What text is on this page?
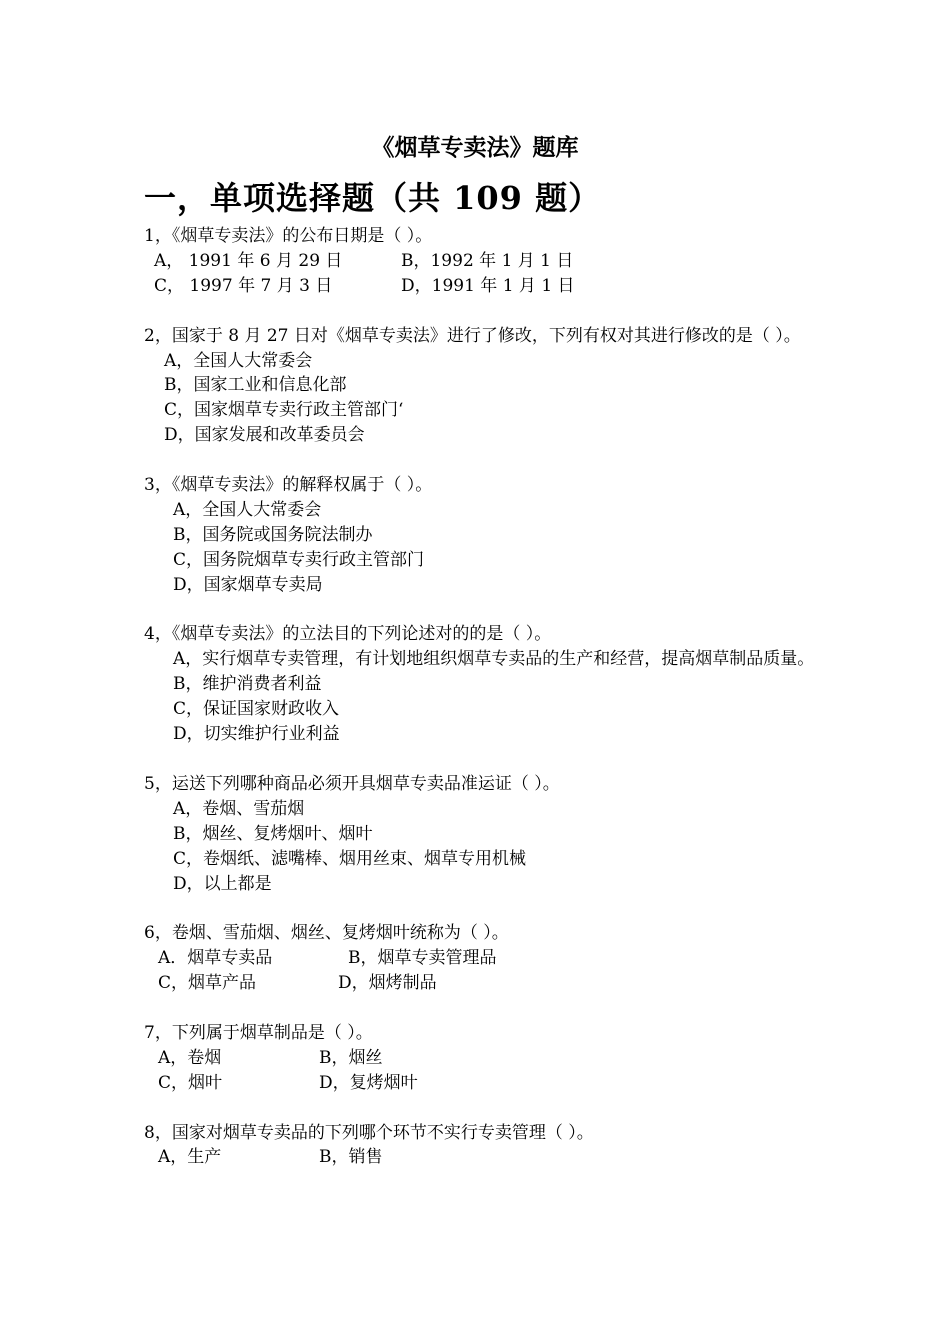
《烟草专卖法》题库
一，单项选择题（共 109 题）

1，《烟草专卖法》的公布日期是（ ）。

A， 1991 年 6 月 29 日	B，1992 年 1 月 1 日
C， 1997 年 7 月 3 日	D，1991 年 1 月 1 日

2，国家于 8 月 27 日对《烟草专卖法》进行了修改，下列有权对其进行修改的是（ ）。

A，全国人大常委会

B，国家工业和信息化部

C，国家烟草专卖行政主管部门‘

D，国家发展和改革委员会

3，《烟草专卖法》的解释权属于（ ）。

A，全国人大常委会

B，国务院或国务院法制办

C，国务院烟草专卖行政主管部门

D，国家烟草专卖局

4，《烟草专卖法》的立法目的下列论述对的的是（ ）。

A，实行烟草专卖管理，有计划地组织烟草专卖品的生产和经营，提高烟草制品质量。

B，维护消费者利益

C，保证国家财政收入

D，切实维护行业利益

5，运送下列哪种商品必须开具烟草专卖品准运证（ ）。

A，卷烟、雪茄烟

B，烟丝、复烤烟叶、烟叶

C，卷烟纸、滤嘴棒、烟用丝束、烟草专用机械

D，以上都是

6，卷烟、雪茄烟、烟丝、复烤烟叶统称为（ ）。

A．烟草专卖品	B，烟草专卖管理品
C，烟草产品	D，烟烤制品

7，下列属于烟草制品是（ ）。

A，卷烟	B，烟丝
C，烟叶	D，复烤烟叶

8，国家对烟草专卖品的下列哪个环节不实行专卖管理（ ）。

A，生产	B，销售
